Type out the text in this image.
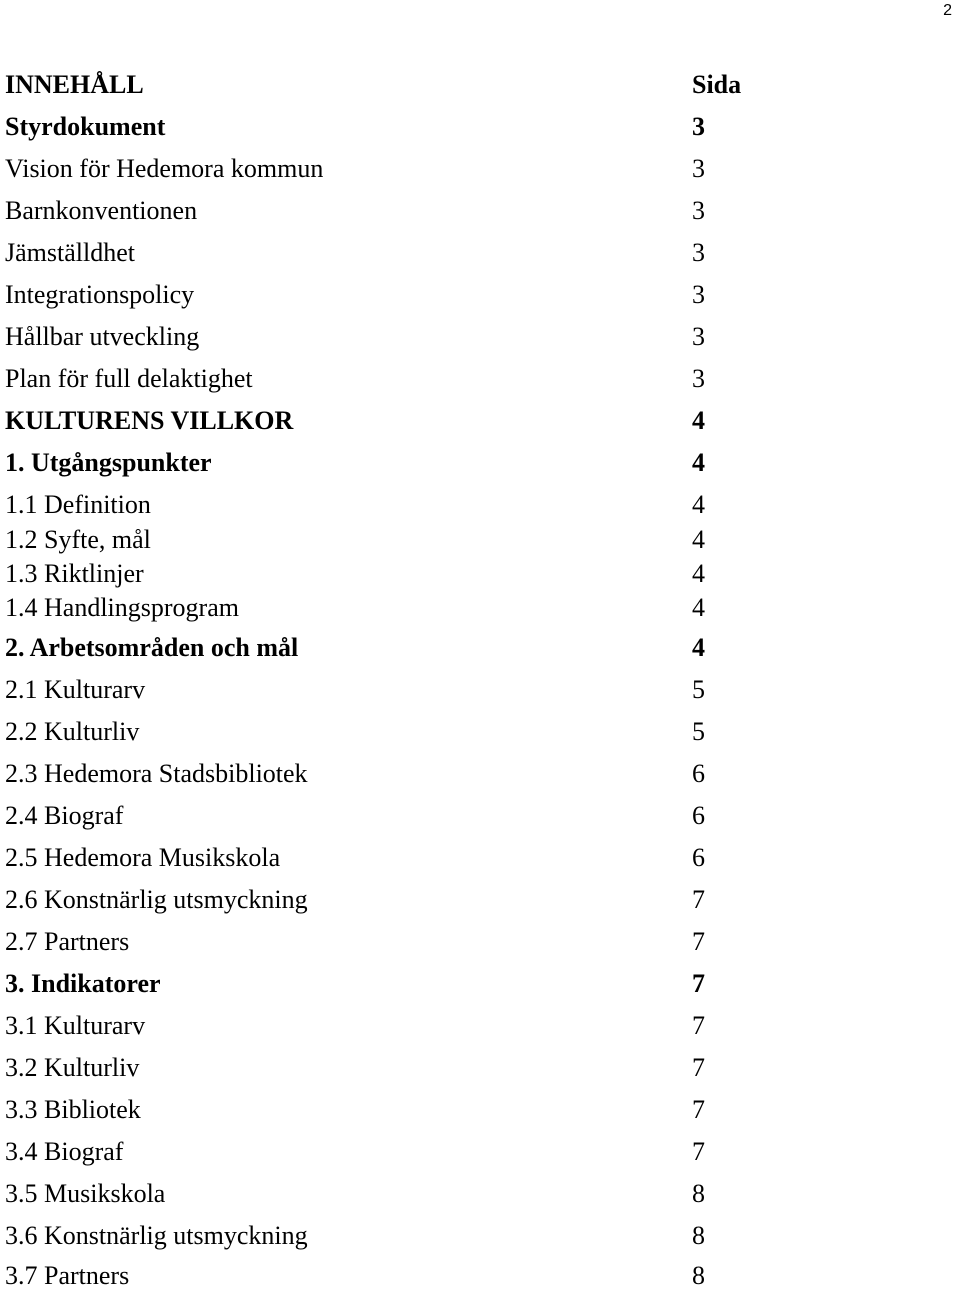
2
INNEHÅLL	Sida
Styrdokument	3
Vision för Hedemora kommun	3
Barnkonventionen	3
Jämställdhet	3
Integrationspolicy	3
Hållbar utveckling	3
Plan för full delaktighet	3
KULTURENS VILLKOR	4
1. Utgångspunkter	4
1.1 Definition	4
1.2 Syfte, mål	4
1.3 Riktlinjer	4
1.4 Handlingsprogram	4
2. Arbetsområden och mål	4
2.1 Kulturarv	5
2.2 Kulturliv	5
2.3 Hedemora Stadsbibliotek	6
2.4 Biograf	6
2.5 Hedemora Musikskola	6
2.6 Konstnärlig utsmyckning	7
2.7 Partners	7
3. Indikatorer	7
3.1 Kulturarv	7
3.2 Kulturliv	7
3.3 Bibliotek	7
3.4 Biograf	7
3.5 Musikskola	8
3.6 Konstnärlig utsmyckning	8
3.7 Partners	8
